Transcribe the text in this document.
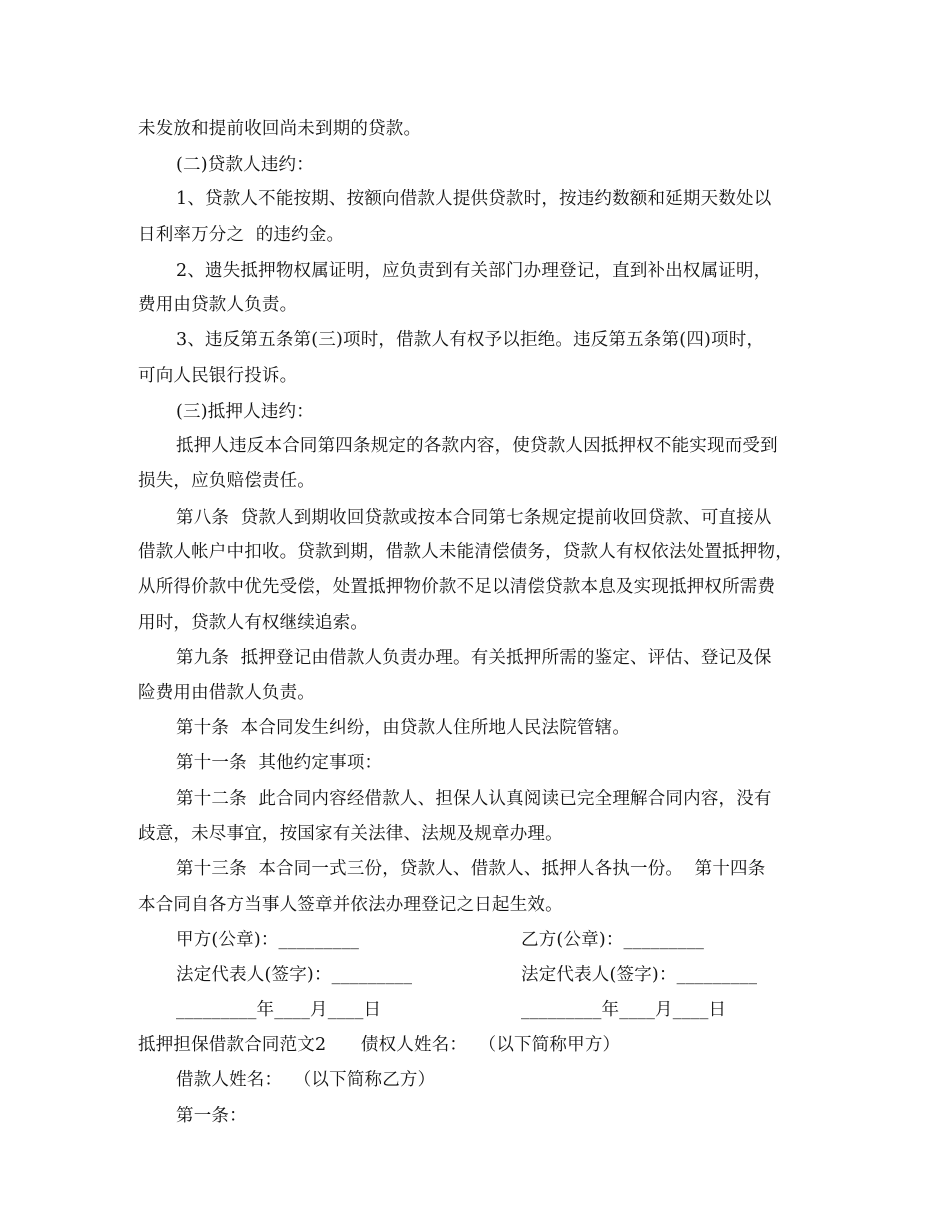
未发放和提前收回尚未到期的贷款。
(二)贷款人违约：
1、贷款人不能按期、按额向借款人提供贷款时，按违约数额和延期天数处以
日利率万分之  的违约金。
2、遗失抵押物权属证明，应负责到有关部门办理登记，直到补出权属证明，
费用由贷款人负责。
3、违反第五条第(三)项时，借款人有权予以拒绝。违反第五条第(四)项时，
可向人民银行投诉。
(三)抵押人违约：
抵押人违反本合同第四条规定的各款内容，使贷款人因抵押权不能实现而受到
损失，应负赔偿责任。
第八条  贷款人到期收回贷款或按本合同第七条规定提前收回贷款、可直接从
借款人帐户中扣收。贷款到期，借款人未能清偿债务，贷款人有权依法处置抵押物，
从所得价款中优先受偿，处置抵押物价款不足以清偿贷款本息及实现抵押权所需费
用时，贷款人有权继续追索。
第九条  抵押登记由借款人负责办理。有关抵押所需的鉴定、评估、登记及保
险费用由借款人负责。
第十条  本合同发生纠纷，由贷款人住所地人民法院管辖。
第十一条  其他约定事项：
第十二条  此合同内容经借款人、担保人认真阅读已完全理解合同内容，没有
歧意，未尽事宜，按国家有关法律、法规及规章办理。
第十三条  本合同一式三份，贷款人、借款人、抵押人各执一份。  第十四条
本合同自各方当事人签章并依法办理登记之日起生效。
甲方(公章)：_________	乙方(公章)：_________
法定代表人(签字)：_________	法定代表人(签字)：_________
_________年____月____日	_________年____月____日
抵押担保借款合同范文2      债权人姓名：  （以下简称甲方）
借款人姓名：  （以下简称乙方）
第一条：
